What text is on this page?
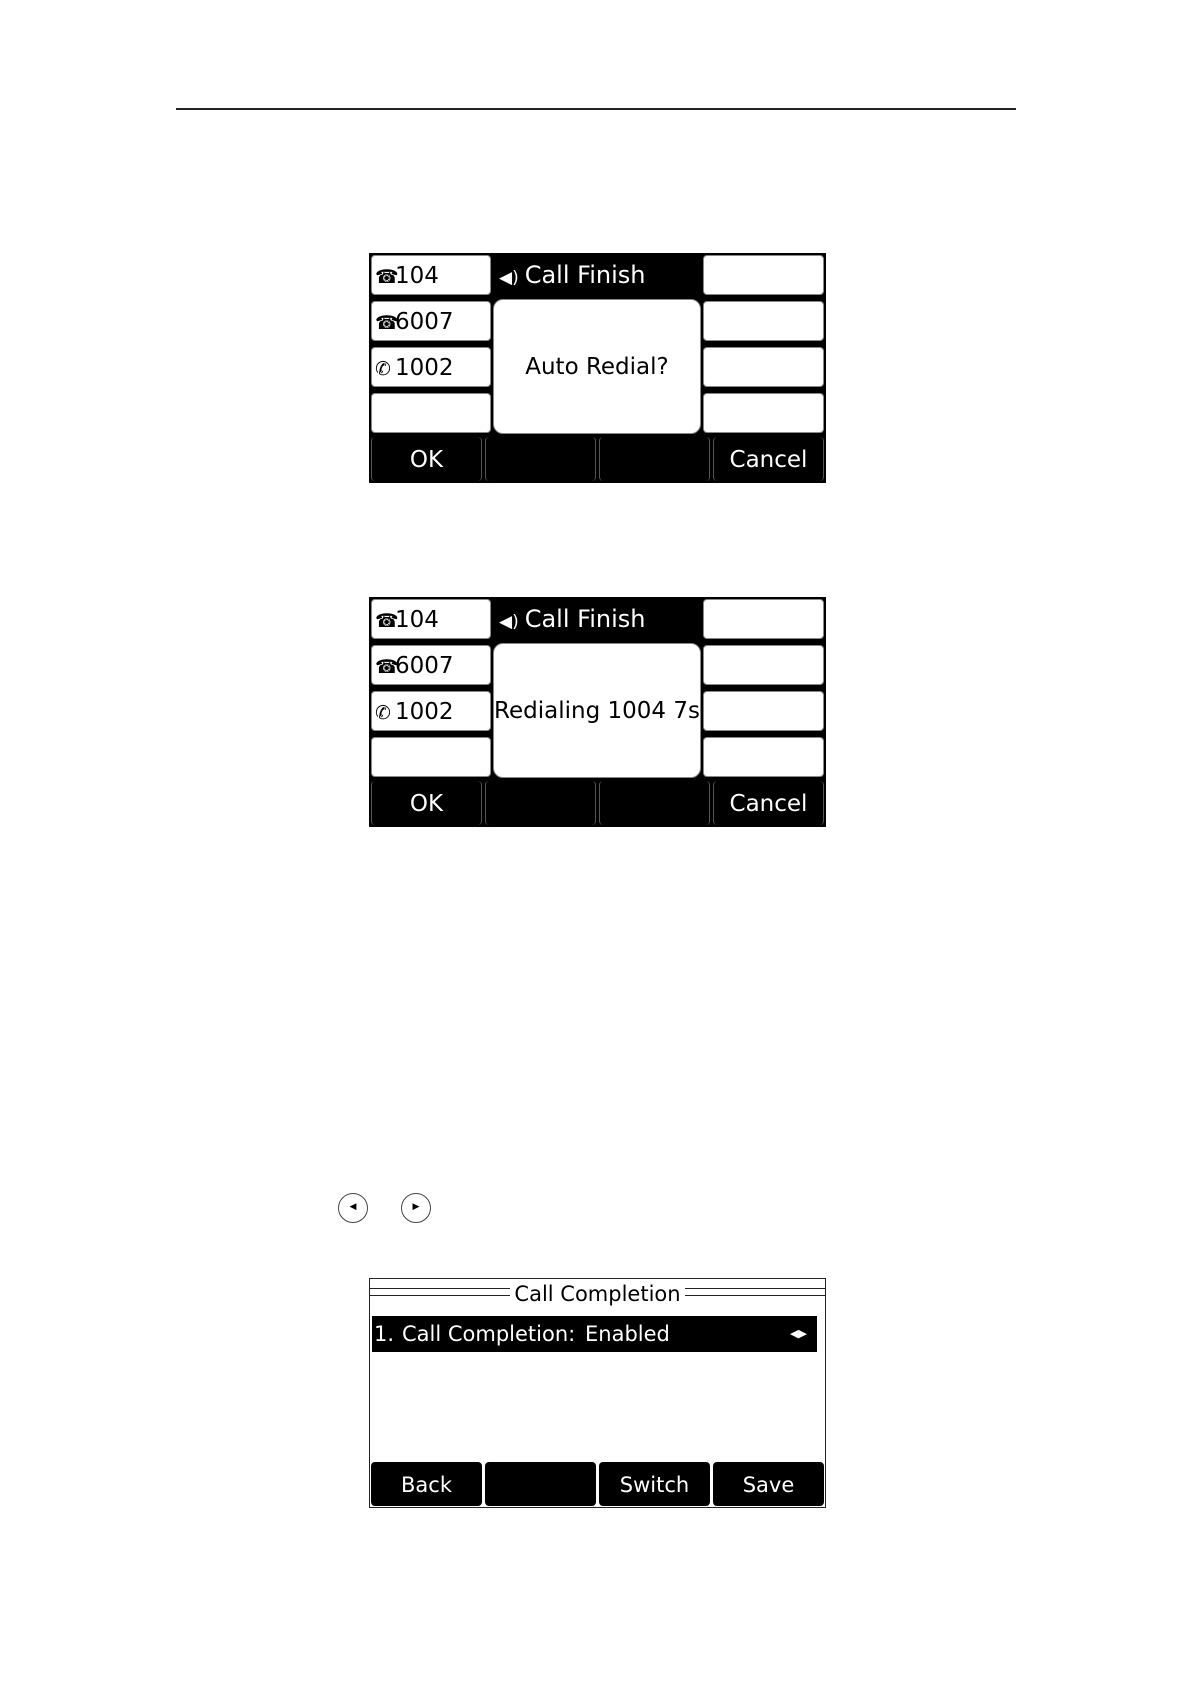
☎104
☎6007
✆ 1002
◀) Call Finish
Auto Redial?
OK	Cancel
☎104
☎6007
✆ 1002
◀) Call Finish
Redialing 1004 7s
OK	Cancel
◀	▶
Call Completion
1. Call Completion: Enabled	◀▶
Back	Switch	Save
